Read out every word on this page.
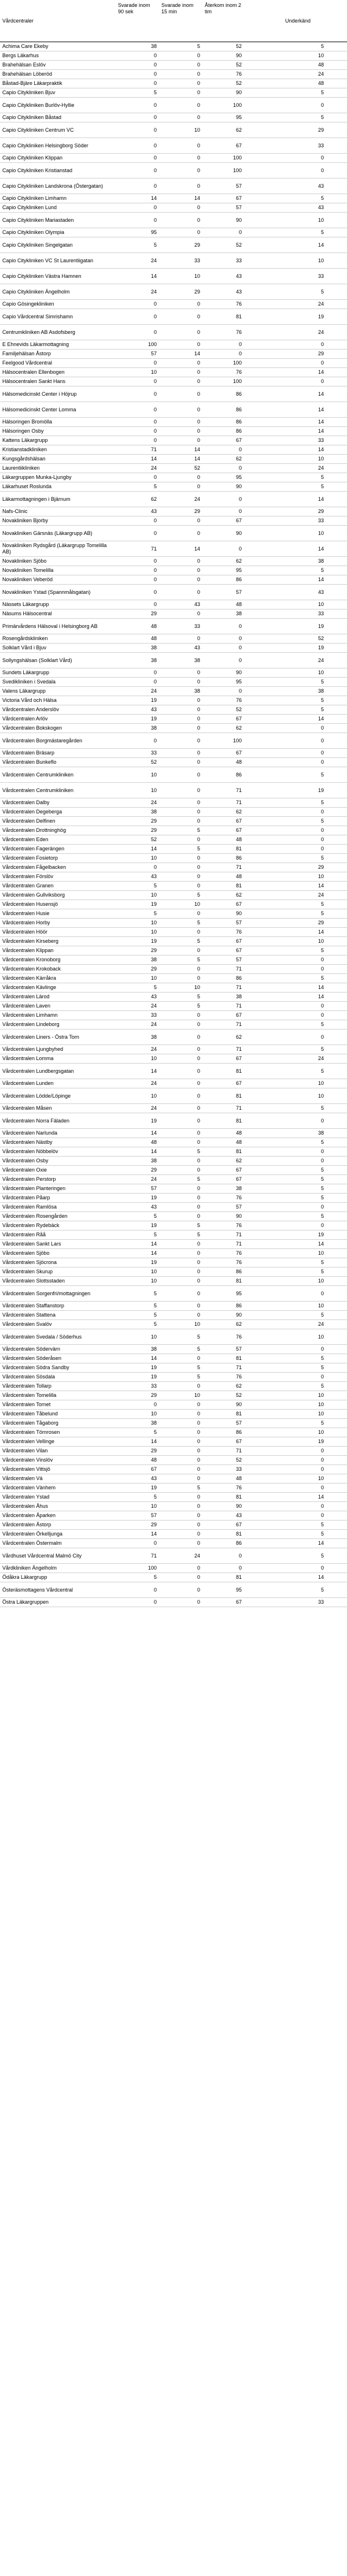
Vårdcentraler	Svarade inom 90 sek	Svarade inom 15 min	Återkom inom 2 tim	Underkänd
Achima Care Ekeby	38	5	52	5
Bergs Läkarhus	0	0	90	10
Brahehälsan Eslöv	0	0	52	48
Brahehälsan Löberöd	0	0	76	24
Båstad-Bjäre Läkarpraktik	0	0	52	48
Capio Citykliniken Bjuv	5	0	90	5
Capio Citykliniken Burlöv-Hyllie	0	0	100	0
Capio Citykliniken Båstad	0	0	95	5
Capio Citykliniken Centrum VC	0	10	62	29
Capio Citykliniken Helsingborg Söder	0	0	67	33
Capio Citykliniken Klippan	0	0	100	0
Capio Citykliniken Kristianstad	0	0	100	0
Capio Citykliniken Landskrona (Östergatan)	0	0	57	43
Capio Citykliniken Limhamn	14	14	67	5
Capio Citykliniken Lund	0	0	57	43
Capio Citykliniken Mariastaden	0	0	90	10
Capio Citykliniken Olympia	95	0	0	5
Capio Citykliniken Singelgatan	5	29	52	14
Capio Citykliniken VC St Laurentiigatan	24	33	33	10
Capio Citykliniken Västra Hamnen	14	10	43	33
Capio Citykliniken Ängelholm	24	29	43	5
Capio Gösingekliniken	0	0	76	24
Capio Vårdcentral Simrishamn	0	0	81	19
Centrumkliniken AB Asdofsberg	0	0	76	24
E Ehnevids Läkarmottagning	100	0	0	0
Familjehälsan Åstorp	57	14	0	29
Feelgood Vårdcentral	0	0	100	0
Hälsocentralen Ellenbogen	10	0	76	14
Hälsocentralen Sankt Hans	0	0	100	0
Hälsomedicinskt Center i Höjrup	0	0	86	14
Hälsomedicinskt Center Lomma	0	0	86	14
Hälsoringen Bromölla	0	0	86	14
Hälsoringen Osby	0	0	86	14
Kattens Läkargrupp	0	0	67	33
Kristianstadkliniken	71	14	0	14
Kungsgårdshälsan	14	14	62	10
Laurentiikliniken	24	52	0	24
Läkargruppen Munka-Ljungby	0	0	95	5
Läkarhuset Roslunda	5	0	90	5
Läkarmottagningen i Bjärnum	62	24	0	14
Nafs-Clinic	43	29	0	29
Novakliniken Bjorby	0	0	67	33
Novakliniken Gärsnäs (Läkargrupp AB)	0	0	90	10
Novakliniken Rydsgård (Läkargrupp Tomelilla AB)	71	14	0	14
Novakliniken Sjöbo	0	0	62	38
Novakliniken Tomelilla	0	0	95	5
Novakliniken Veberöd	0	0	86	14
Novakliniken Ystad (Spannmålsgatan)	0	0	57	43
Nässets Läkargrupp	0	43	48	10
Näsums Hälsocentral	29	0	38	33
Primärvårdens Hälsoval i Helsingborg AB	48	33	0	19
Rosengårdskliniken	48	0	0	52
Solklart Vård i Bjuv	38	43	0	19
Sollyngshälsan (Solklart Vård)	38	38	0	24
Sundets Läkargrupp	0	0	90	10
Svedikliniken i Svedala	0	0	95	5
Valens Läkargrupp	24	38	0	38
Victoria Vård och Hälsa	19	0	76	5
Vårdcentralen Anderslöv	43	0	52	5
Vårdcentralen Arlöv	19	0	67	14
Vårdcentralen Bokskogen	38	0	62	0
Vårdcentralen Borgmästaregården	0	0	100	0
Vårdcentralen Bräsarp	33	0	67	0
Vårdcentralen Bunkeflo	52	0	48	0
Vårdcentralen Centrumkliniken	10	0	86	5
Vårdcentralen Centrumkliniken	10	0	71	19
Vårdcentralen Dalby	24	0	71	5
Vårdcentralen Degeberga	38	0	62	0
Vårdcentralen Delfinen	29	0	67	5
Vårdcentralen Drottninghög	29	5	67	0
Vårdcentralen Eden	52	0	48	0
Vårdcentralen Fagerängen	14	5	81	0
Vårdcentralen Fosietorp	10	0	86	5
Vårdcentralen Fågelbacken	0	0	71	29
Vårdcentralen Förslöv	43	0	48	10
Vårdcentralen Granen	5	0	81	14
Vårdcentralen Gullviksborg	10	5	62	24
Vårdcentralen Husensjö	19	10	67	5
Vårdcentralen Husie	5	0	90	5
Vårdcentralen Horby	10	5	57	29
Vårdcentralen Höör	10	0	76	14
Vårdcentralen Kirseberg	19	5	67	10
Vårdcentralen Klippan	29	0	67	5
Vårdcentralen Kronoborg	38	5	57	0
Vårdcentralen Krokoback	29	0	71	0
Vårdcentralen Kärråkra	10	0	86	5
Vårdcentralen Kävlinge	5	10	71	14
Vårdcentralen Lärod	43	5	38	14
Vårdcentralen Laven	24	5	71	0
Vårdcentralen Limhamn	33	0	67	0
Vårdcentralen Lindeborg	24	0	71	5
Vårdcentralen Liners - Östra Torn	38	0	62	0
Vårdcentralen Ljungbyhed	24	0	71	5
Vårdcentralen Lomma	10	0	67	24
Vårdcentralen Lundbergsgatan	14	0	81	5
Vårdcentralen Lunden	24	0	67	10
Vårdcentralen Lödde/Löpinge	10	0	81	10
Vårdcentralen Måsen	24	0	71	5
Vårdcentralen Norra Fäladen	19	0	81	0
Vårdcentralen Narlunda	14	0	48	38
Vårdcentralen Nästby	48	0	48	5
Vårdcentralen Nöbbelöv	14	5	81	0
Vårdcentralen Osby	38	0	62	0
Vårdcentralen Oxie	29	0	67	5
Vårdcentralen Perstorp	24	5	67	5
Vårdcentralen Planteringen	57	0	38	5
Vårdcentralen Påarp	19	0	76	5
Vårdcentralen Ramlösa	43	0	57	0
Vårdcentralen Rosengården	5	0	90	5
Vårdcentralen Rydebäck	19	5	76	0
Vårdcentralen Råå	5	5	71	19
Vårdcentralen Sankt Lars	14	0	71	14
Vårdcentralen Sjöbo	14	0	76	10
Vårdcentralen Sjöcrona	19	0	76	5
Vårdcentralen Skurup	10	0	86	5
Vårdcentralen Slottsstaden	10	0	81	10
Vårdcentralen Sorgenfri/mottagningen	5	0	95	0
Vårdcentralen Staffanstorp	5	0	86	10
Vårdcentralen Stattena	5	0	90	5
Vårdcentralen Svalöv	5	10	62	24
Vårdcentralen Svedala / Söderhus	10	5	76	10
Vårdcentralen Södervärn	38	5	57	0
Vårdcentralen Söderåsen	14	0	81	5
Vårdcentralen Södra Sandby	19	5	71	5
Vårdcentralen Sösdala	19	5	76	0
Vårdcentralen Tollarp	33	0	62	5
Vårdcentralen Tomelilla	29	10	52	10
Vårdcentralen Tornet	0	0	90	10
Vårdcentralen Tåbelund	10	0	81	10
Vårdcentralen Tågaborg	38	0	57	5
Vårdcentralen Törnrosen	5	0	86	10
Vårdcentralen Vellinge	14	0	67	19
Vårdcentralen Vilan	29	0	71	0
Vårdcentralen Vinslöv	48	0	52	0
Vårdcentralen Vittsjö	67	0	33	0
Vårdcentralen Vä	43	0	48	10
Vårdcentralen Vänhem	19	5	76	0
Vårdcentralen Ystad	5	0	81	14
Vårdcentralen Åhus	10	0	90	0
Vårdcentralen Åparken	57	0	43	0
Vårdcentralen Åstorp	29	0	67	5
Vårdcentralen Örkelljunga	14	0	81	5
Vårdcentralen Östermalm	0	0	86	14
Vårdhuset Vårdcentral Malmö City	71	24	0	5
Vårdkliniken Ängelholm	100	0	0	0
Ödåkra Läkargrupp	5	0	81	14
Österäsmottagens Vårdcentral	0	0	95	5
Östra Läkargruppen	0	0	67	33
